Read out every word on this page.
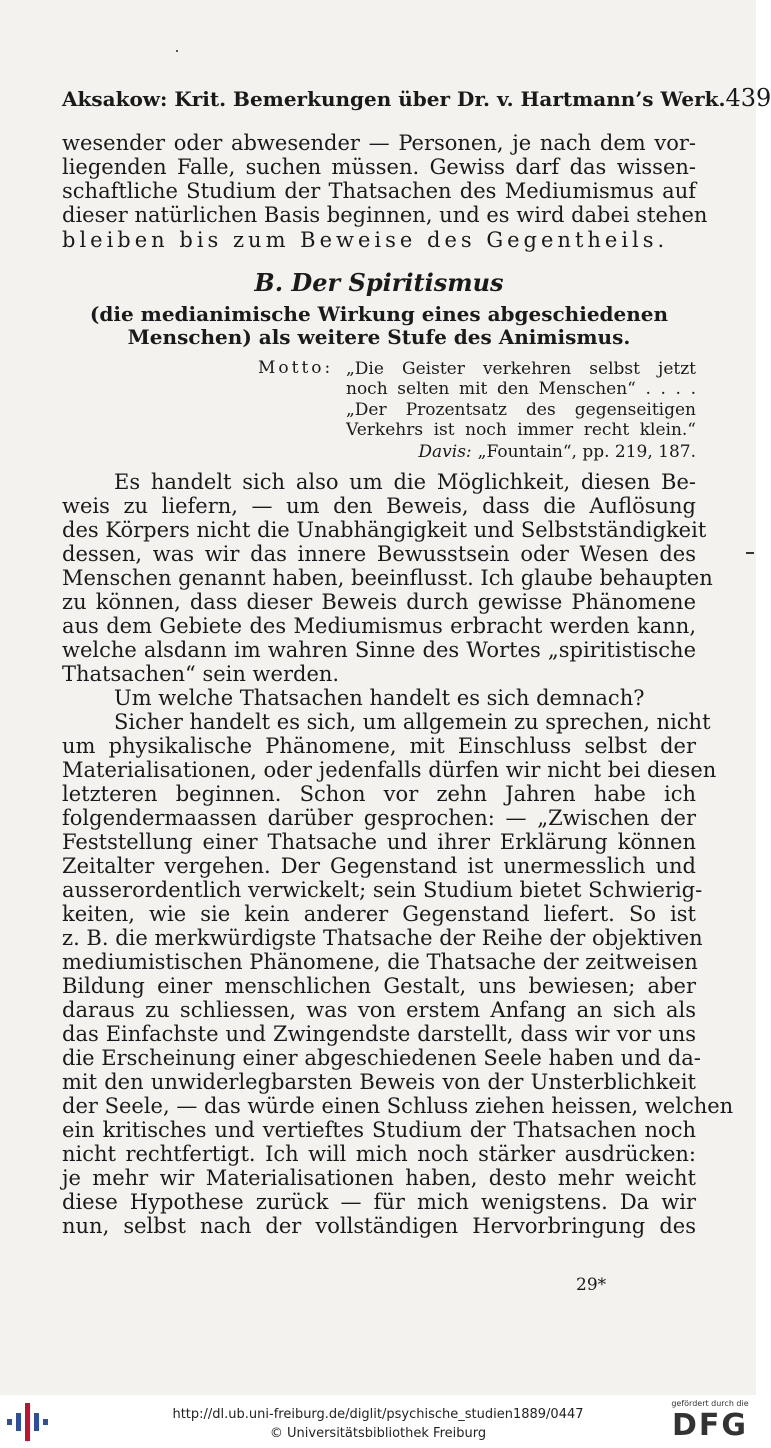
Aksakow: Krit. Bemerkungen über Dr. v. Hartmann’s Werk. 439
wesender oder abwesender — Personen, je nach dem vor-
liegenden Falle, suchen müssen. Gewiss darf das wissen-
schaftliche Studium der Thatsachen des Mediumismus auf
dieser natürlichen Basis beginnen, und es wird dabei stehen
bleiben bis zum Beweise des Gegentheils.
B. Der Spiritismus
(die medianimische Wirkung eines abgeschiedenen
Menschen) als weitere Stufe des Animismus.
Motto: „Die Geister verkehren selbst jetzt
noch selten mit den Menschen“ . . . .
„Der Prozentsatz des gegenseitigen
Verkehrs ist noch immer recht klein.“
Davis: „Fountain“, pp. 219, 187.
Es handelt sich also um die Möglichkeit, diesen Be-
weis zu liefern, — um den Beweis, dass die Auflösung
des Körpers nicht die Unabhängigkeit und Selbstständigkeit
dessen, was wir das innere Bewusstsein oder Wesen des
Menschen genannt haben, beeinflusst. Ich glaube behaupten
zu können, dass dieser Beweis durch gewisse Phänomene
aus dem Gebiete des Mediumismus erbracht werden kann,
welche alsdann im wahren Sinne des Wortes „spiritistische
Thatsachen“ sein werden.
Um welche Thatsachen handelt es sich demnach?
Sicher handelt es sich, um allgemein zu sprechen, nicht
um physikalische Phänomene, mit Einschluss selbst der
Materialisationen, oder jedenfalls dürfen wir nicht bei diesen
letzteren beginnen. Schon vor zehn Jahren habe ich
folgendermaassen darüber gesprochen: — „Zwischen der
Feststellung einer Thatsache und ihrer Erklärung können
Zeitalter vergehen. Der Gegenstand ist unermesslich und
ausserordentlich verwickelt; sein Studium bietet Schwierig-
keiten, wie sie kein anderer Gegenstand liefert. So ist
z. B. die merkwürdigste Thatsache der Reihe der objektiven
mediumistischen Phänomene, die Thatsache der zeitweisen
Bildung einer menschlichen Gestalt, uns bewiesen; aber
daraus zu schliessen, was von erstem Anfang an sich als
das Einfachste und Zwingendste darstellt, dass wir vor uns
die Erscheinung einer abgeschiedenen Seele haben und da-
mit den unwiderlegbarsten Beweis von der Unsterblichkeit
der Seele, — das würde einen Schluss ziehen heissen, welchen
ein kritisches und vertieftes Studium der Thatsachen noch
nicht rechtfertigt. Ich will mich noch stärker ausdrücken:
je mehr wir Materialisationen haben, desto mehr weicht
diese Hypothese zurück — für mich wenigstens. Da wir
nun, selbst nach der vollständigen Hervorbringung des
29*
http://dl.ub.uni-freiburg.de/diglit/psychische_studien1889/0447
© Universitätsbibliothek Freiburg
gefördert durch die
DFG
